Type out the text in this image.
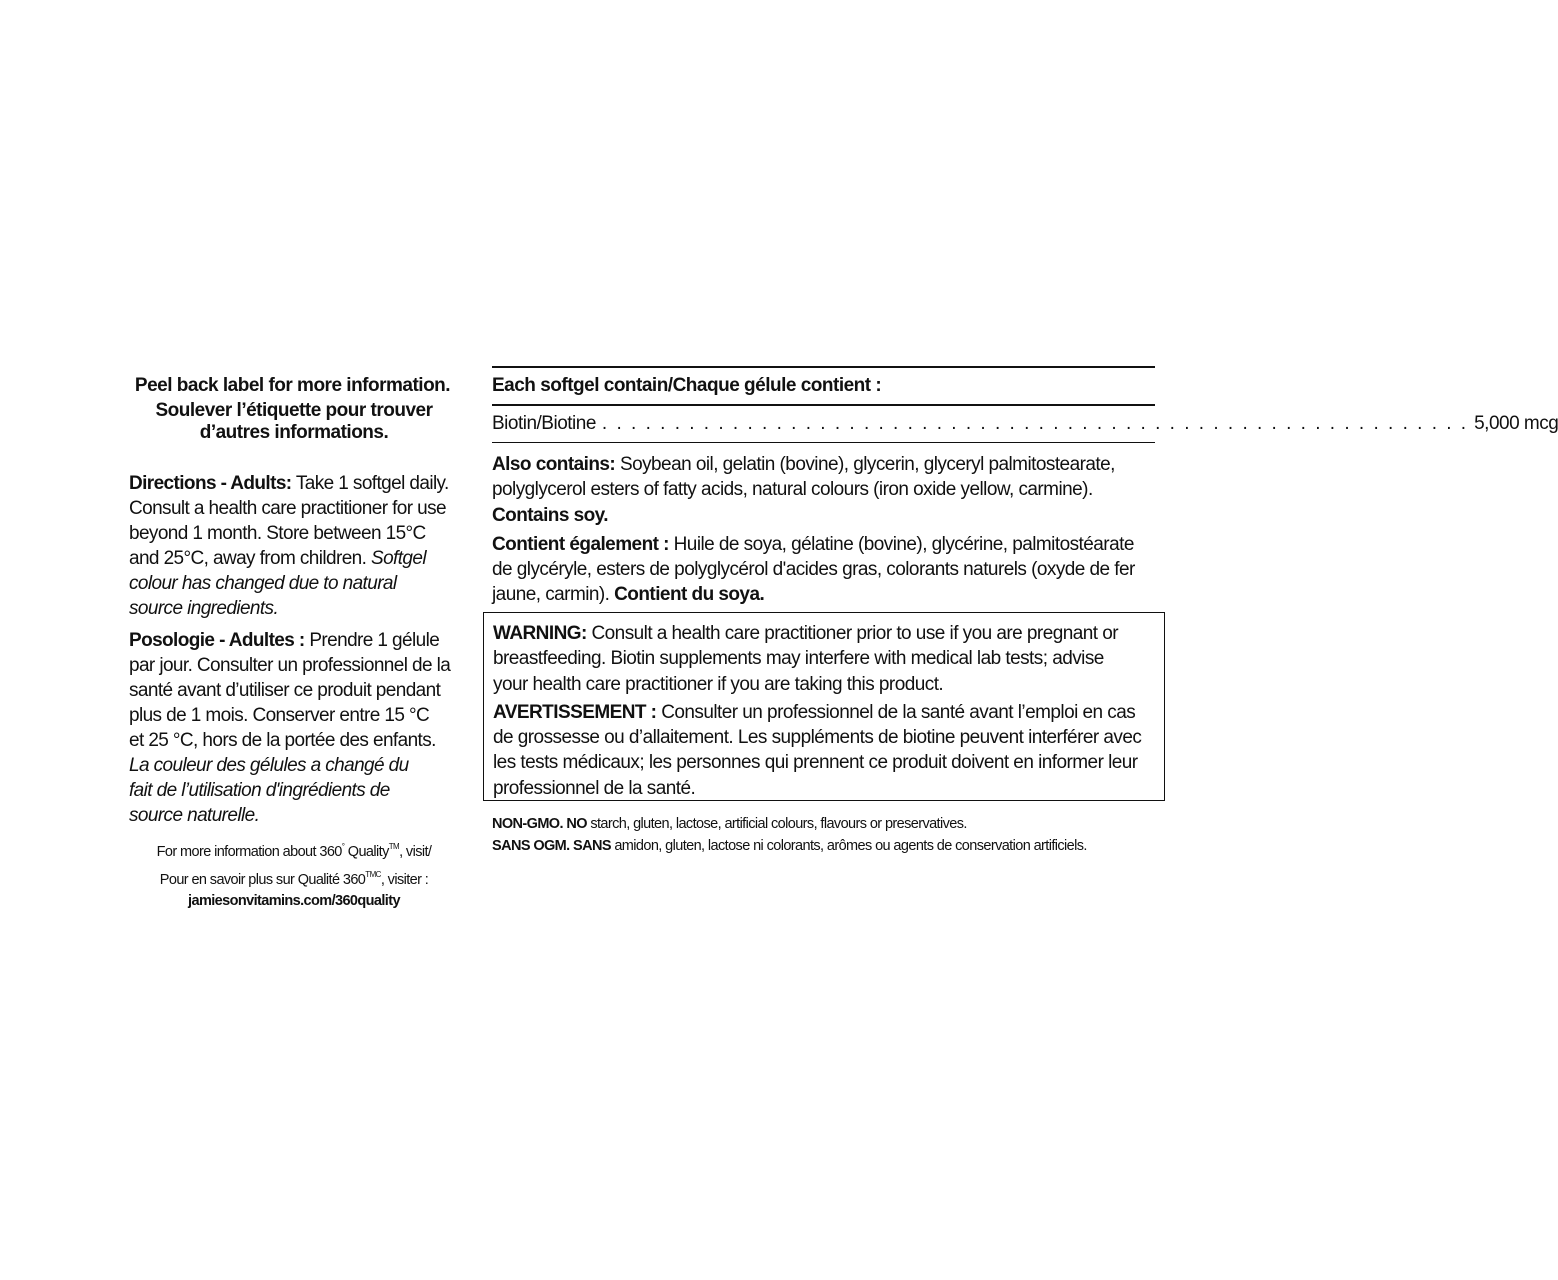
Peel back label for more information.
Soulever l’étiquette pour trouver
d’autres informations.
Directions - Adults: Take 1 softgel daily.
Consult a health care practitioner for use
beyond 1 month. Store between 15°C
and 25°C, away from children. Softgel
colour has changed due to natural
source ingredients.
Posologie - Adultes : Prendre 1 gélule
par jour. Consulter un professionnel de la
santé avant d’utiliser ce produit pendant
plus de 1 mois. Conserver entre 15 °C
et 25 °C, hors de la portée des enfants.
La couleur des gélules a changé du
fait de l’utilisation d'ingrédients de
source naturelle.
For more information about 360° Quality™, visit/
Pour en savoir plus sur Qualité $360^{TMC}$, visiter :
jamiesonvitamins.com/360quality
Each softgel contain/Chaque gélule contient :
Biotin/Biotine . . . . . . . . . . . . . . . . . . . . . . . . . . . . . . . . . . . . . . . . . . . . . . . . . . . . . . . . . . . . 5,000 mcg
Also contains: Soybean oil, gelatin (bovine), glycerin, glyceryl palmitostearate,
polyglycerol esters of fatty acids, natural colours (iron oxide yellow, carmine).
Contains soy.
Contient également : Huile de soya, gélatine (bovine), glycérine, palmitostéarate
de glycéryle, esters de polyglycérol d'acides gras, colorants naturels (oxyde de fer
jaune, carmin). Contient du soya.
WARNING: Consult a health care practitioner prior to use if you are pregnant or
breastfeeding. Biotin supplements may interfere with medical lab tests; advise
your health care practitioner if you are taking this product.
AVERTISSEMENT : Consulter un professionnel de la santé avant l’emploi en cas
de grossesse ou d’allaitement. Les suppléments de biotine peuvent interférer avec
les tests médicaux; les personnes qui prennent ce produit doivent en informer leur
professionnel de la santé.
NON-GMO. NO starch, gluten, lactose, artificial colours, flavours or preservatives.
SANS OGM. SANS amidon, gluten, lactose ni colorants, arômes ou agents de conservation artificiels.
